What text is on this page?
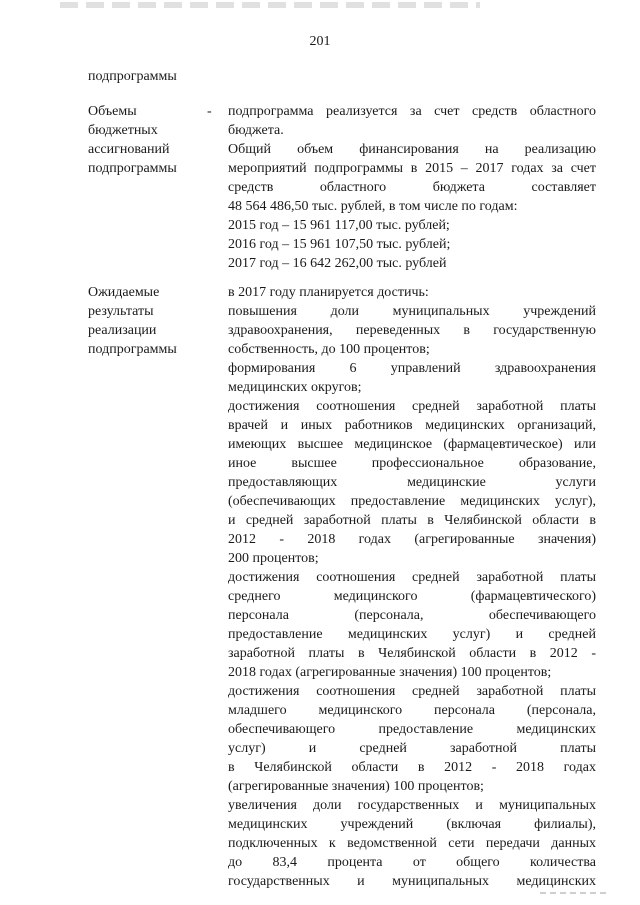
201
подпрограммы
Объемы
бюджетных
ассигнований
подпрограммы
- подпрограмма реализуется за счет средств областного
бюджета.
Общий объем финансирования на реализацию
мероприятий подпрограммы в 2015 – 2017 годах за счет
средств областного бюджета составляет
48 564 486,50 тыс. рублей, в том числе по годам:
2015 год – 15 961 117,00 тыс. рублей;
2016 год – 15 961 107,50 тыс. рублей;
2017 год – 16 642 262,00 тыс. рублей
Ожидаемые
результаты
реализации
подпрограммы
в 2017 году планируется достичь:
повышения доли муниципальных учреждений
здравоохранения, переведенных в государственную
собственность, до 100 процентов;
формирования 6 управлений здравоохранения
медицинских округов;
достижения соотношения средней заработной платы
врачей и иных работников медицинских организаций,
имеющих высшее медицинское (фармацевтическое) или
иное высшее профессиональное образование,
предоставляющих медицинские услуги
(обеспечивающих предоставление медицинских услуг),
и средней заработной платы в Челябинской области в
2012 - 2018 годах (агрегированные значения)
200 процентов;
достижения соотношения средней заработной платы
среднего медицинского (фармацевтического)
персонала (персонала, обеспечивающего
предоставление медицинских услуг) и средней
заработной платы в Челябинской области в 2012 -
2018 годах (агрегированные значения) 100 процентов;
достижения соотношения средней заработной платы
младшего медицинского персонала (персонала,
обеспечивающего предоставление медицинских
услуг) и средней заработной платы
в Челябинской области в 2012 - 2018 годах
(агрегированные значения) 100 процентов;
увеличения доли государственных и муниципальных
медицинских учреждений (включая филиалы),
подключенных к ведомственной сети передачи данных
до 83,4 процента от общего количества
государственных и муниципальных медицинских
